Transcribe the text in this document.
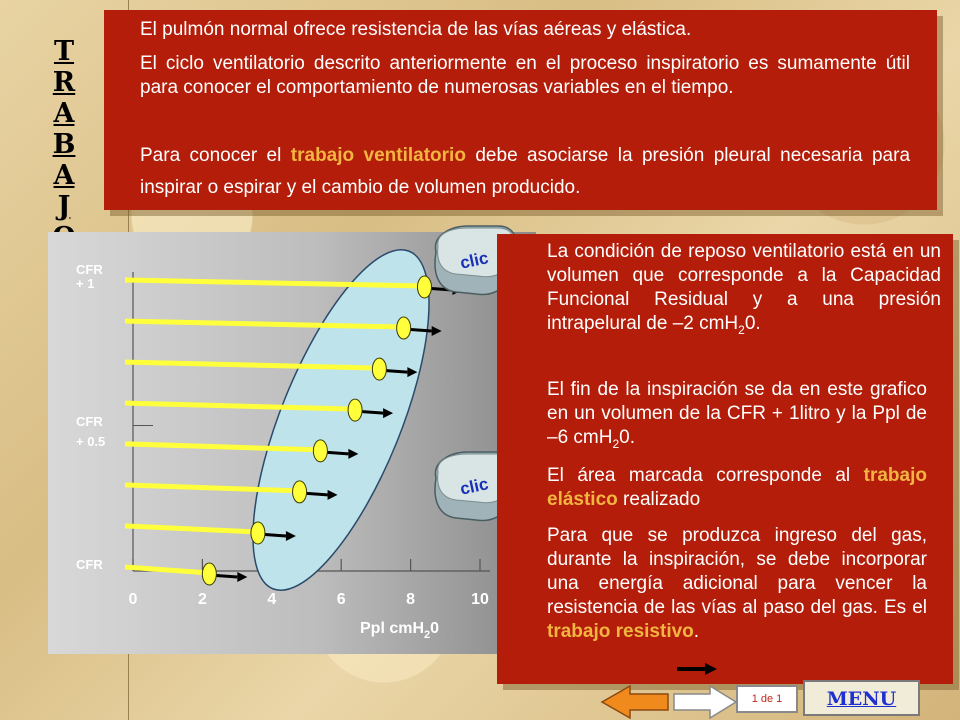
T
R
A
B
A
J
El pulmón normal ofrece resistencia de las vías aéreas y elástica.
El ciclo ventilatorio descrito anteriormente en el proceso inspiratorio es sumamente útil para conocer el comportamiento de numerosas variables en el tiempo.
Para conocer el trabajo ventilatorio debe asociarse la presión pleural necesaria para inspirar o espirar y el cambio de volumen producido.
CFR
+ 1
CFR
+ 0.5
CFR
0	2	4	6	8	10
Ppl cmH$_2$0
clic
clic
La condición de reposo ventilatorio está en un volumen que corresponde a la Capacidad Funcional Residual y a una presión intrapelural de –2 cmH$_2$0.
El fin de la inspiración se da en este grafico en un volumen de la CFR + 1litro y la Ppl de –6 cmH$_2$0.
El área marcada corresponde al trabajo elástico realizado
Para que se produzca ingreso del gas, durante la inspiración, se debe incorporar una energía adicional para vencer la resistencia de las vías al paso del gas. Es el trabajo resistivo.
1 de 1	MENU
